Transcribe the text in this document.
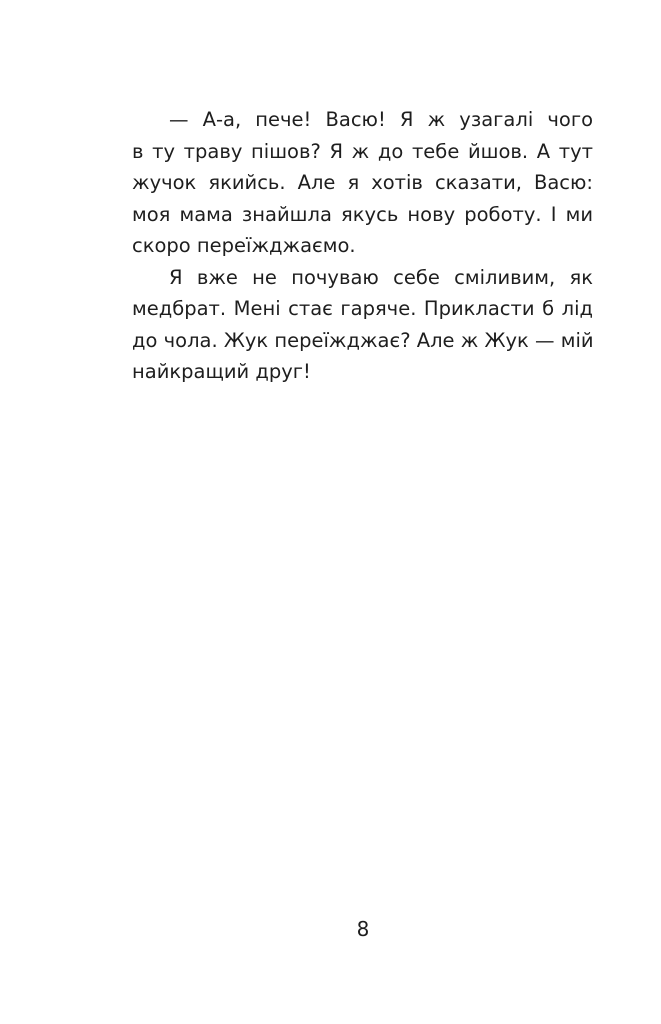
— А-а, пече! Васю! Я ж узагалі чого
в ту траву пішов? Я ж до тебе йшов. А тут
жучок якийсь. Але я хотів сказати, Васю:
моя мама знайшла якусь нову роботу. І ми
скоро переїжджаємо.
Я вже не почуваю себе сміливим, як
медбрат. Мені стає гаряче. Прикласти б лід
до чола. Жук переїжджає? Але ж Жук — мій
найкращий друг!
8
